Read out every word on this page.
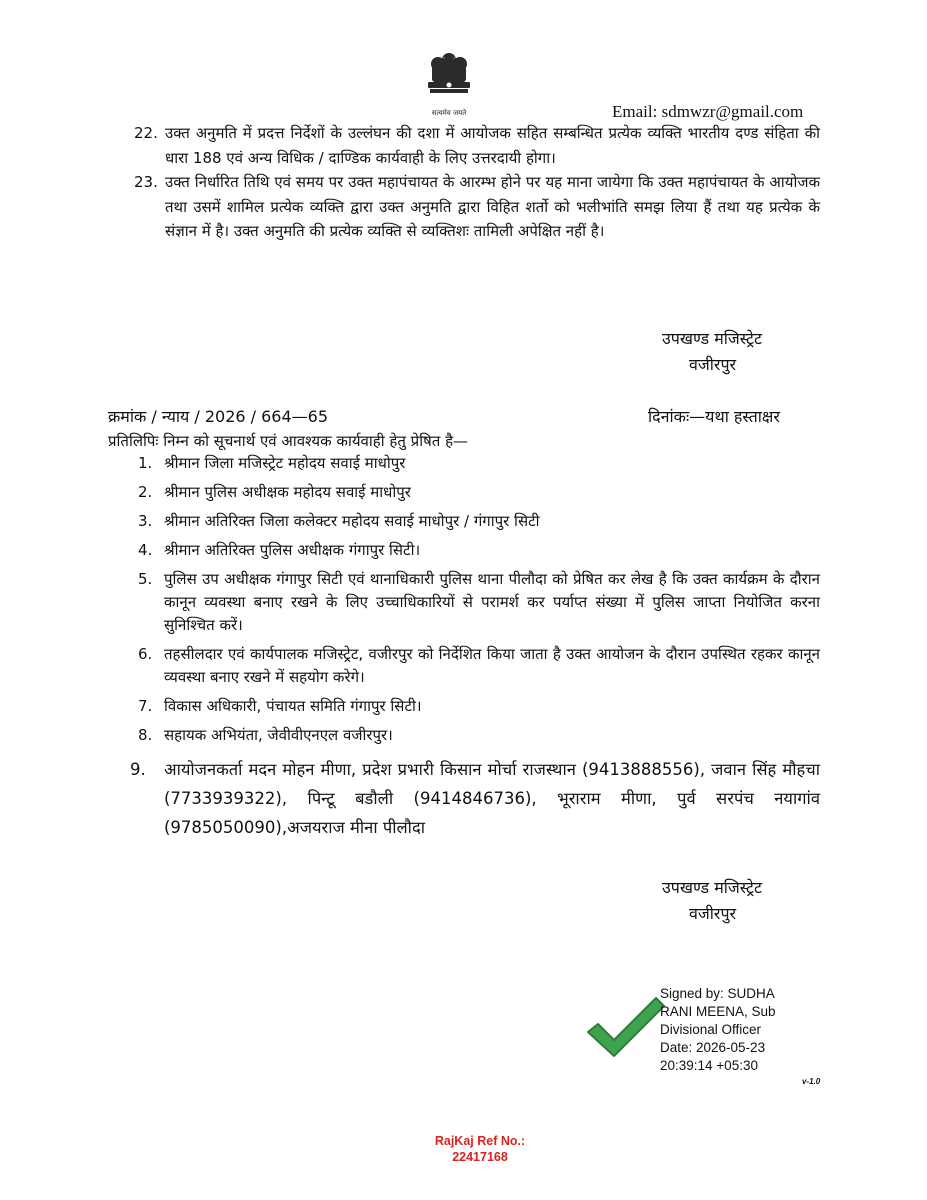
सत्यमेव जयते	Email: sdmwzr@gmail.com
22. उक्त अनुमति में प्रदत्त निर्देशों के उल्लंघन की दशा में आयोजक सहित सम्बन्धित प्रत्येक व्यक्ति भारतीय दण्ड संहिता की धारा 188 एवं अन्य विधिक / दाण्डिक कार्यवाही के लिए उत्तरदायी होगा।
23. उक्त निर्धारित तिथि एवं समय पर उक्त महापंचायत के आरम्भ होने पर यह माना जायेगा कि उक्त महापंचायत के आयोजक तथा उसमें शामिल प्रत्येक व्यक्ति द्वारा उक्त अनुमति द्वारा विहित शर्तो को भलीभांति समझ लिया हैं तथा यह प्रत्येक के संज्ञान में है। उक्त अनुमति की प्रत्येक व्यक्ति से व्यक्तिशः तामिली अपेक्षित नहीं है।
उपखण्ड मजिस्ट्रेट
वजीरपुर
क्रमांक / न्याय / 2026 / 664—65	दिनांकः—यथा हस्ताक्षर
प्रतिलिपिः निम्न को सूचनार्थ एवं आवश्यक कार्यवाही हेतु प्रेषित है—
1. श्रीमान जिला मजिस्ट्रेट महोदय सवाई माधोपुर
2. श्रीमान पुलिस अधीक्षक महोदय सवाई माधोपुर
3. श्रीमान अतिरिक्त जिला कलेक्टर महोदय सवाई माधोपुर / गंगापुर सिटी
4. श्रीमान अतिरिक्त पुलिस अधीक्षक गंगापुर सिटी।
5. पुलिस उप अधीक्षक गंगापुर सिटी एवं थानाधिकारी पुलिस थाना पीलौदा को प्रेषित कर लेख है कि उक्त कार्यक्रम के दौरान कानून व्यवस्था बनाए रखने के लिए उच्चाधिकारियों से परामर्श कर पर्याप्त संख्या में पुलिस जाप्ता नियोजित करना सुनिश्चित करें।
6. तहसीलदार एवं कार्यपालक मजिस्ट्रेट, वजीरपुर को निर्देशित किया जाता है उक्त आयोजन के दौरान उपस्थित रहकर कानून व्यवस्था बनाए रखने में सहयोग करेगे।
7. विकास अधिकारी, पंचायत समिति गंगापुर सिटी।
8. सहायक अभियंता, जेवीवीएनएल वजीरपुर।
9. आयोजनकर्ता मदन मोहन मीणा, प्रदेश प्रभारी किसान मोर्चा राजस्थान (9413888556), जवान सिंह मौहचा (7733939322), पिन्टू बडौली (9414846736), भूराराम मीणा, पुर्व सरपंच नयागांव (9785050090),अजयराज मीना पीलौदा
उपखण्ड मजिस्ट्रेट
वजीरपुर
Signed by: SUDHA
RANI MEENA, Sub
Divisional Officer
Date: 2026-05-23
20:39:14 +05:30
v-1.0
RajKaj Ref No.:
22417168
